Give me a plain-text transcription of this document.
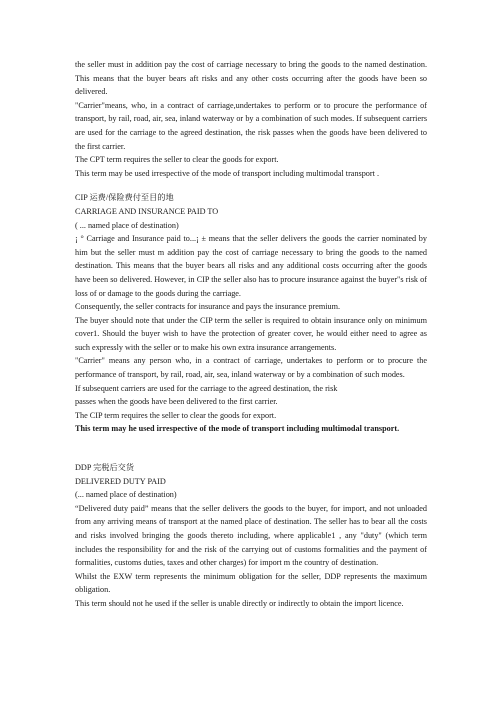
the seller must in addition pay the cost of carriage necessary to bring the goods to the named destination. This means that the buyer bears aft risks and any other costs occurring after the goods have been so delivered.

"Carrier"means, who, in a contract of carriage,undertakes to perform or to procure the performance of transport, by rail, road, air, sea, inland waterway or by a combination of such modes. If subsequent carriers are used for the carriage to the agreed destination, the risk passes when the goods have been delivered to the first carrier.

The CPT term requires the seller to clear the goods for export.

This term may be used irrespective of the mode of transport including multimodal transport .

CIP 运费/保险费付至目的地

CARRIAGE AND INSURANCE PAID TO

( ... named place of destination)

¡ ° Carriage and Insurance paid to...¡ ± means that the seller delivers the goods the carrier nominated by him but the seller must m addition pay the cost of carriage necessary to bring the goods to the named destination. This means that the buyer bears all risks and any additional costs occurring after the goods have been so delivered. However, in CIP the seller also has to procure insurance against the buyer"s risk of loss of or damage to the goods during the carriage.

Consequently, the seller contracts for insurance and pays the insurance premium.

The buyer should note that under the CIP term the seller is required to obtain insurance only on minimum cover1. Should the buyer wish to have the protection of greater cover, he would either need to agree as such expressly with the seller or to make his own extra insurance arrangements.

"Carrier" means any person who, in a contract of carriage, undertakes to perform or to procure the performance of transport, by rail, road, air, sea, inland waterway or by a combination of such modes.

If subsequent carriers are used for the carriage to the agreed destination, the risk

passes when the goods have been delivered to the first carrier.

The CIP term requires the seller to clear the goods for export.

This term may he used irrespective of the mode of transport including multimodal transport.

DDP 完税后交货

DELIVERED DUTY PAID

(... named place of destination)

“Delivered duty paid” means that the seller delivers the goods to the buyer, for import, and not unloaded from any arriving means of transport at the named place of destination. The seller has to bear all the costs and risks involved bringing the goods thereto including, where applicable1 , any "duty" (which term includes the responsibility for and the risk of the carrying out of customs formalities and the payment of formalities, customs duties, taxes and other charges) for import m the country of destination.

Whilst the EXW term represents the minimum obligation for the seller, DDP represents the maximum obligation.

This term should not he used if the seller is unable directly or indirectly to obtain the import licence.
